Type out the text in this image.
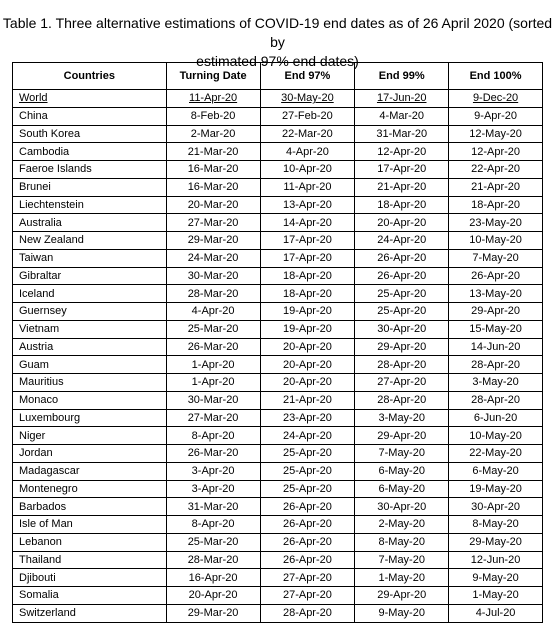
Table 1. Three alternative estimations of COVID-19 end dates as of 26 April 2020 (sorted by
estimated 97% end dates)
Countries	Turning Date	End 97%	End 99%	End 100%
World	11-Apr-20	30-May-20	17-Jun-20	9-Dec-20
China	8-Feb-20	27-Feb-20	4-Mar-20	9-Apr-20
South Korea	2-Mar-20	22-Mar-20	31-Mar-20	12-May-20
Cambodia	21-Mar-20	4-Apr-20	12-Apr-20	12-Apr-20
Faeroe Islands	16-Mar-20	10-Apr-20	17-Apr-20	22-Apr-20
Brunei	16-Mar-20	11-Apr-20	21-Apr-20	21-Apr-20
Liechtenstein	20-Mar-20	13-Apr-20	18-Apr-20	18-Apr-20
Australia	27-Mar-20	14-Apr-20	20-Apr-20	23-May-20
New Zealand	29-Mar-20	17-Apr-20	24-Apr-20	10-May-20
Taiwan	24-Mar-20	17-Apr-20	26-Apr-20	7-May-20
Gibraltar	30-Mar-20	18-Apr-20	26-Apr-20	26-Apr-20
Iceland	28-Mar-20	18-Apr-20	25-Apr-20	13-May-20
Guernsey	4-Apr-20	19-Apr-20	25-Apr-20	29-Apr-20
Vietnam	25-Mar-20	19-Apr-20	30-Apr-20	15-May-20
Austria	26-Mar-20	20-Apr-20	29-Apr-20	14-Jun-20
Guam	1-Apr-20	20-Apr-20	28-Apr-20	28-Apr-20
Mauritius	1-Apr-20	20-Apr-20	27-Apr-20	3-May-20
Monaco	30-Mar-20	21-Apr-20	28-Apr-20	28-Apr-20
Luxembourg	27-Mar-20	23-Apr-20	3-May-20	6-Jun-20
Niger	8-Apr-20	24-Apr-20	29-Apr-20	10-May-20
Jordan	26-Mar-20	25-Apr-20	7-May-20	22-May-20
Madagascar	3-Apr-20	25-Apr-20	6-May-20	6-May-20
Montenegro	3-Apr-20	25-Apr-20	6-May-20	19-May-20
Barbados	31-Mar-20	26-Apr-20	30-Apr-20	30-Apr-20
Isle of Man	8-Apr-20	26-Apr-20	2-May-20	8-May-20
Lebanon	25-Mar-20	26-Apr-20	8-May-20	29-May-20
Thailand	28-Mar-20	26-Apr-20	7-May-20	12-Jun-20
Djibouti	16-Apr-20	27-Apr-20	1-May-20	9-May-20
Somalia	20-Apr-20	27-Apr-20	29-Apr-20	1-May-20
Switzerland	29-Mar-20	28-Apr-20	9-May-20	4-Jul-20
